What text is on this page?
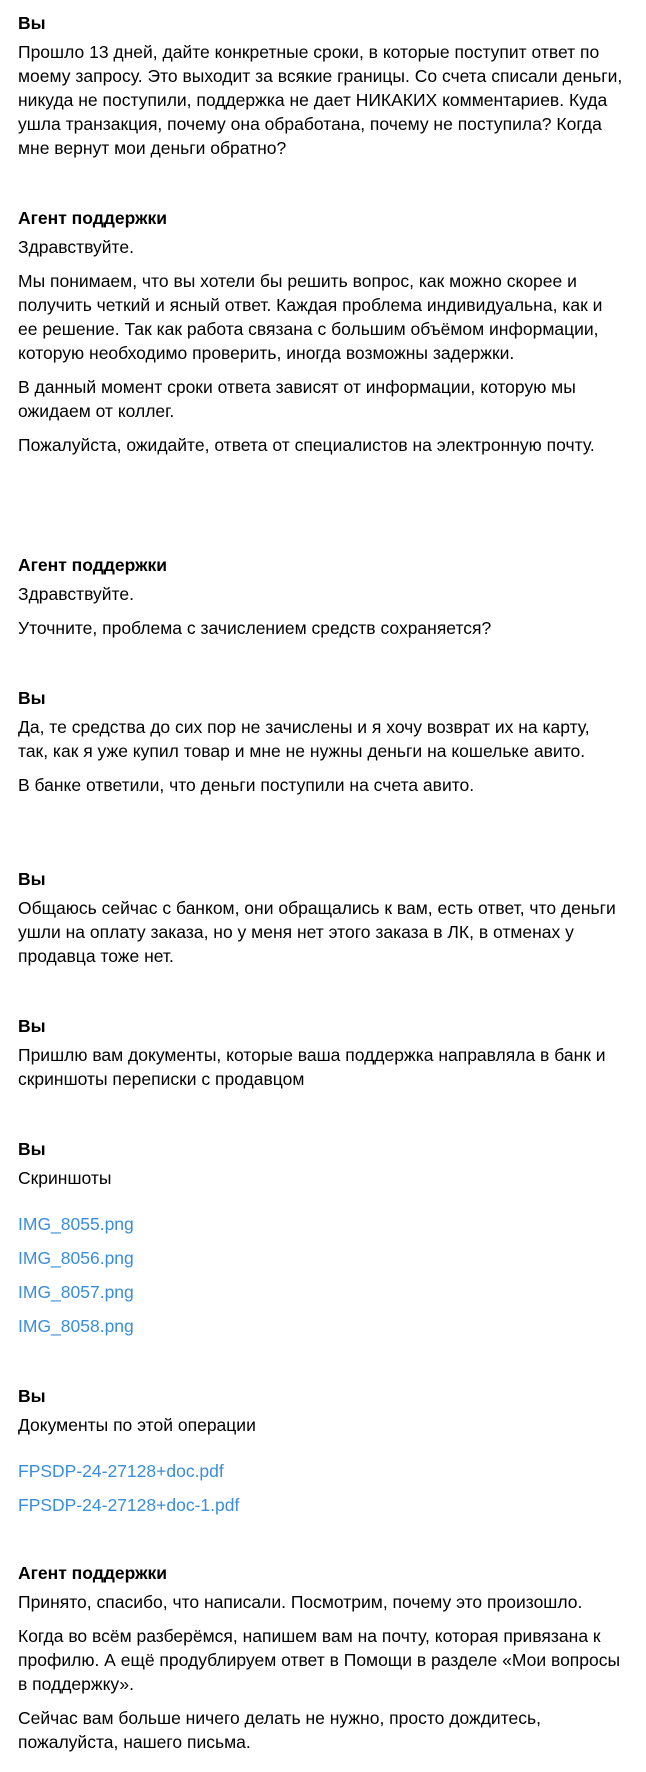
Вы
Прошло 13 дней, дайте конкретные сроки, в которые поступит ответ по моему запросу. Это выходит за всякие границы. Со счета списали деньги, никуда не поступили, поддержка не дает НИКАКИХ комментариев. Куда ушла транзакция, почему она обработана, почему не поступила? Когда мне вернут мои деньги обратно?
Агент поддержки
Здравствуйте.
Мы понимаем, что вы хотели бы решить вопрос, как можно скорее и получить четкий и ясный ответ. Каждая проблема индивидуальна, как и ее решение. Так как работа связана с большим объёмом информации, которую необходимо проверить, иногда возможны задержки.
В данный момент сроки ответа зависят от информации, которую мы ожидаем от коллег.
Пожалуйста, ожидайте, ответа от специалистов на электронную почту.
Агент поддержки
Здравствуйте.
Уточните, проблема с зачислением средств сохраняется?
Вы
Да, те средства до сих пор не зачислены и я хочу возврат их на карту, так, как я уже купил товар и мне не нужны деньги на кошельке авито.
В банке ответили, что деньги поступили на счета авито.
Вы
Общаюсь сейчас с банком, они обращались к вам, есть ответ, что деньги ушли на оплату заказа, но у меня нет этого заказа в ЛК, в отменах у продавца тоже нет.
Вы
Пришлю вам документы, которые ваша поддержка направляла в банк и скриншоты переписки с продавцом
Вы
Скриншоты
IMG_8055.png
IMG_8056.png
IMG_8057.png
IMG_8058.png
Вы
Документы по этой операции
FPSDP-24-27128+doc.pdf
FPSDP-24-27128+doc-1.pdf
Агент поддержки
Принято, спасибо, что написали. Посмотрим, почему это произошло.
Когда во всём разберёмся, напишем вам на почту, которая привязана к профилю. А ещё продублируем ответ в Помощи в разделе «Мои вопросы в поддержку».
Сейчас вам больше ничего делать не нужно, просто дождитесь, пожалуйста, нашего письма.
